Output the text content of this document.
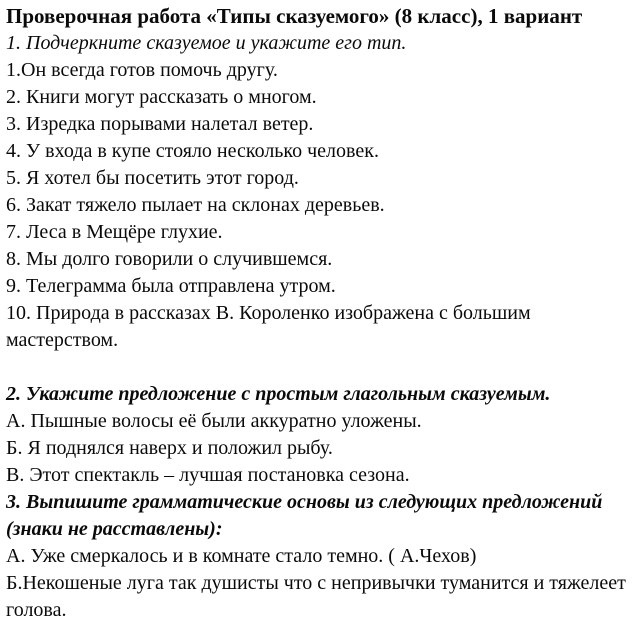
Проверочная работа «Типы сказуемого» (8 класс), 1 вариант

1. Подчеркните сказуемое и укажите его тип.

1.Он всегда готов помочь другу.

2. Книги могут рассказать о многом.

3. Изредка порывами налетал ветер.

4. У входа в купе стояло несколько человек.

5. Я хотел бы посетить этот город.

6. Закат тяжело пылает на склонах деревьев.

7. Леса в Мещёре глухие.

8. Мы долго говорили о случившемся.

9. Телеграмма была отправлена утром.

10. Природа в рассказах В. Короленко изображена с большим мастерством.

2. Укажите предложение с простым глагольным сказуемым.

А. Пышные волосы её были аккуратно уложены.

Б. Я поднялся наверх и положил рыбу.

В. Этот спектакль – лучшая постановка сезона.

3. Выпишите грамматические основы из следующих предложений (знаки не расставлены):

А. Уже смеркалось и в комнате стало темно. ( А.Чехов)

Б.Некошеные луга так душисты что с непривычки туманится и тяжелеет голова.
